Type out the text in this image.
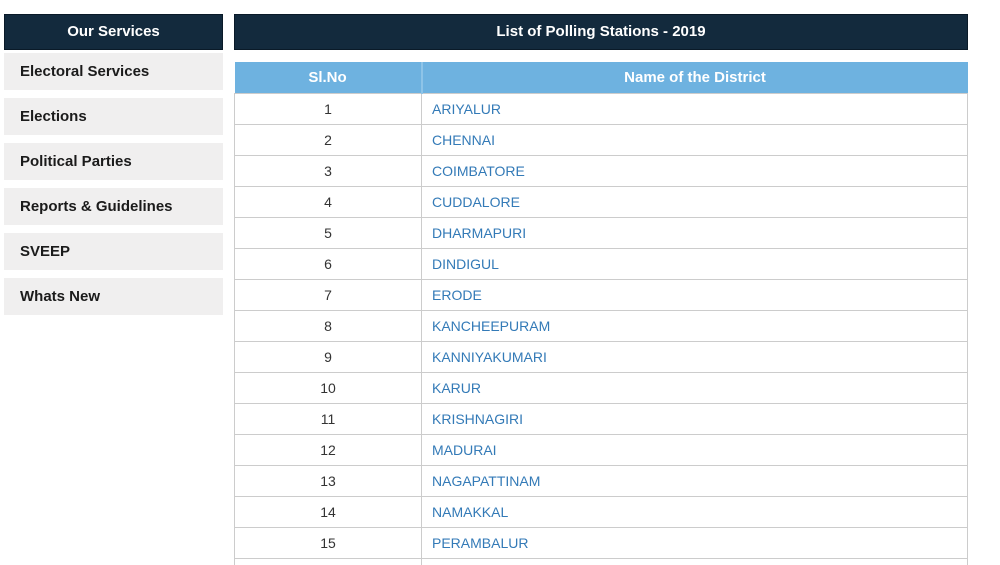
Our Services
Electoral Services
Elections
Political Parties
Reports & Guidelines
SVEEP
Whats New
List of Polling Stations - 2019
Sl.No	Name of the District
1	ARIYALUR
2	CHENNAI
3	COIMBATORE
4	CUDDALORE
5	DHARMAPURI
6	DINDIGUL
7	ERODE
8	KANCHEEPURAM
9	KANNIYAKUMARI
10	KARUR
11	KRISHNAGIRI
12	MADURAI
13	NAGAPATTINAM
14	NAMAKKAL
15	PERAMBALUR
